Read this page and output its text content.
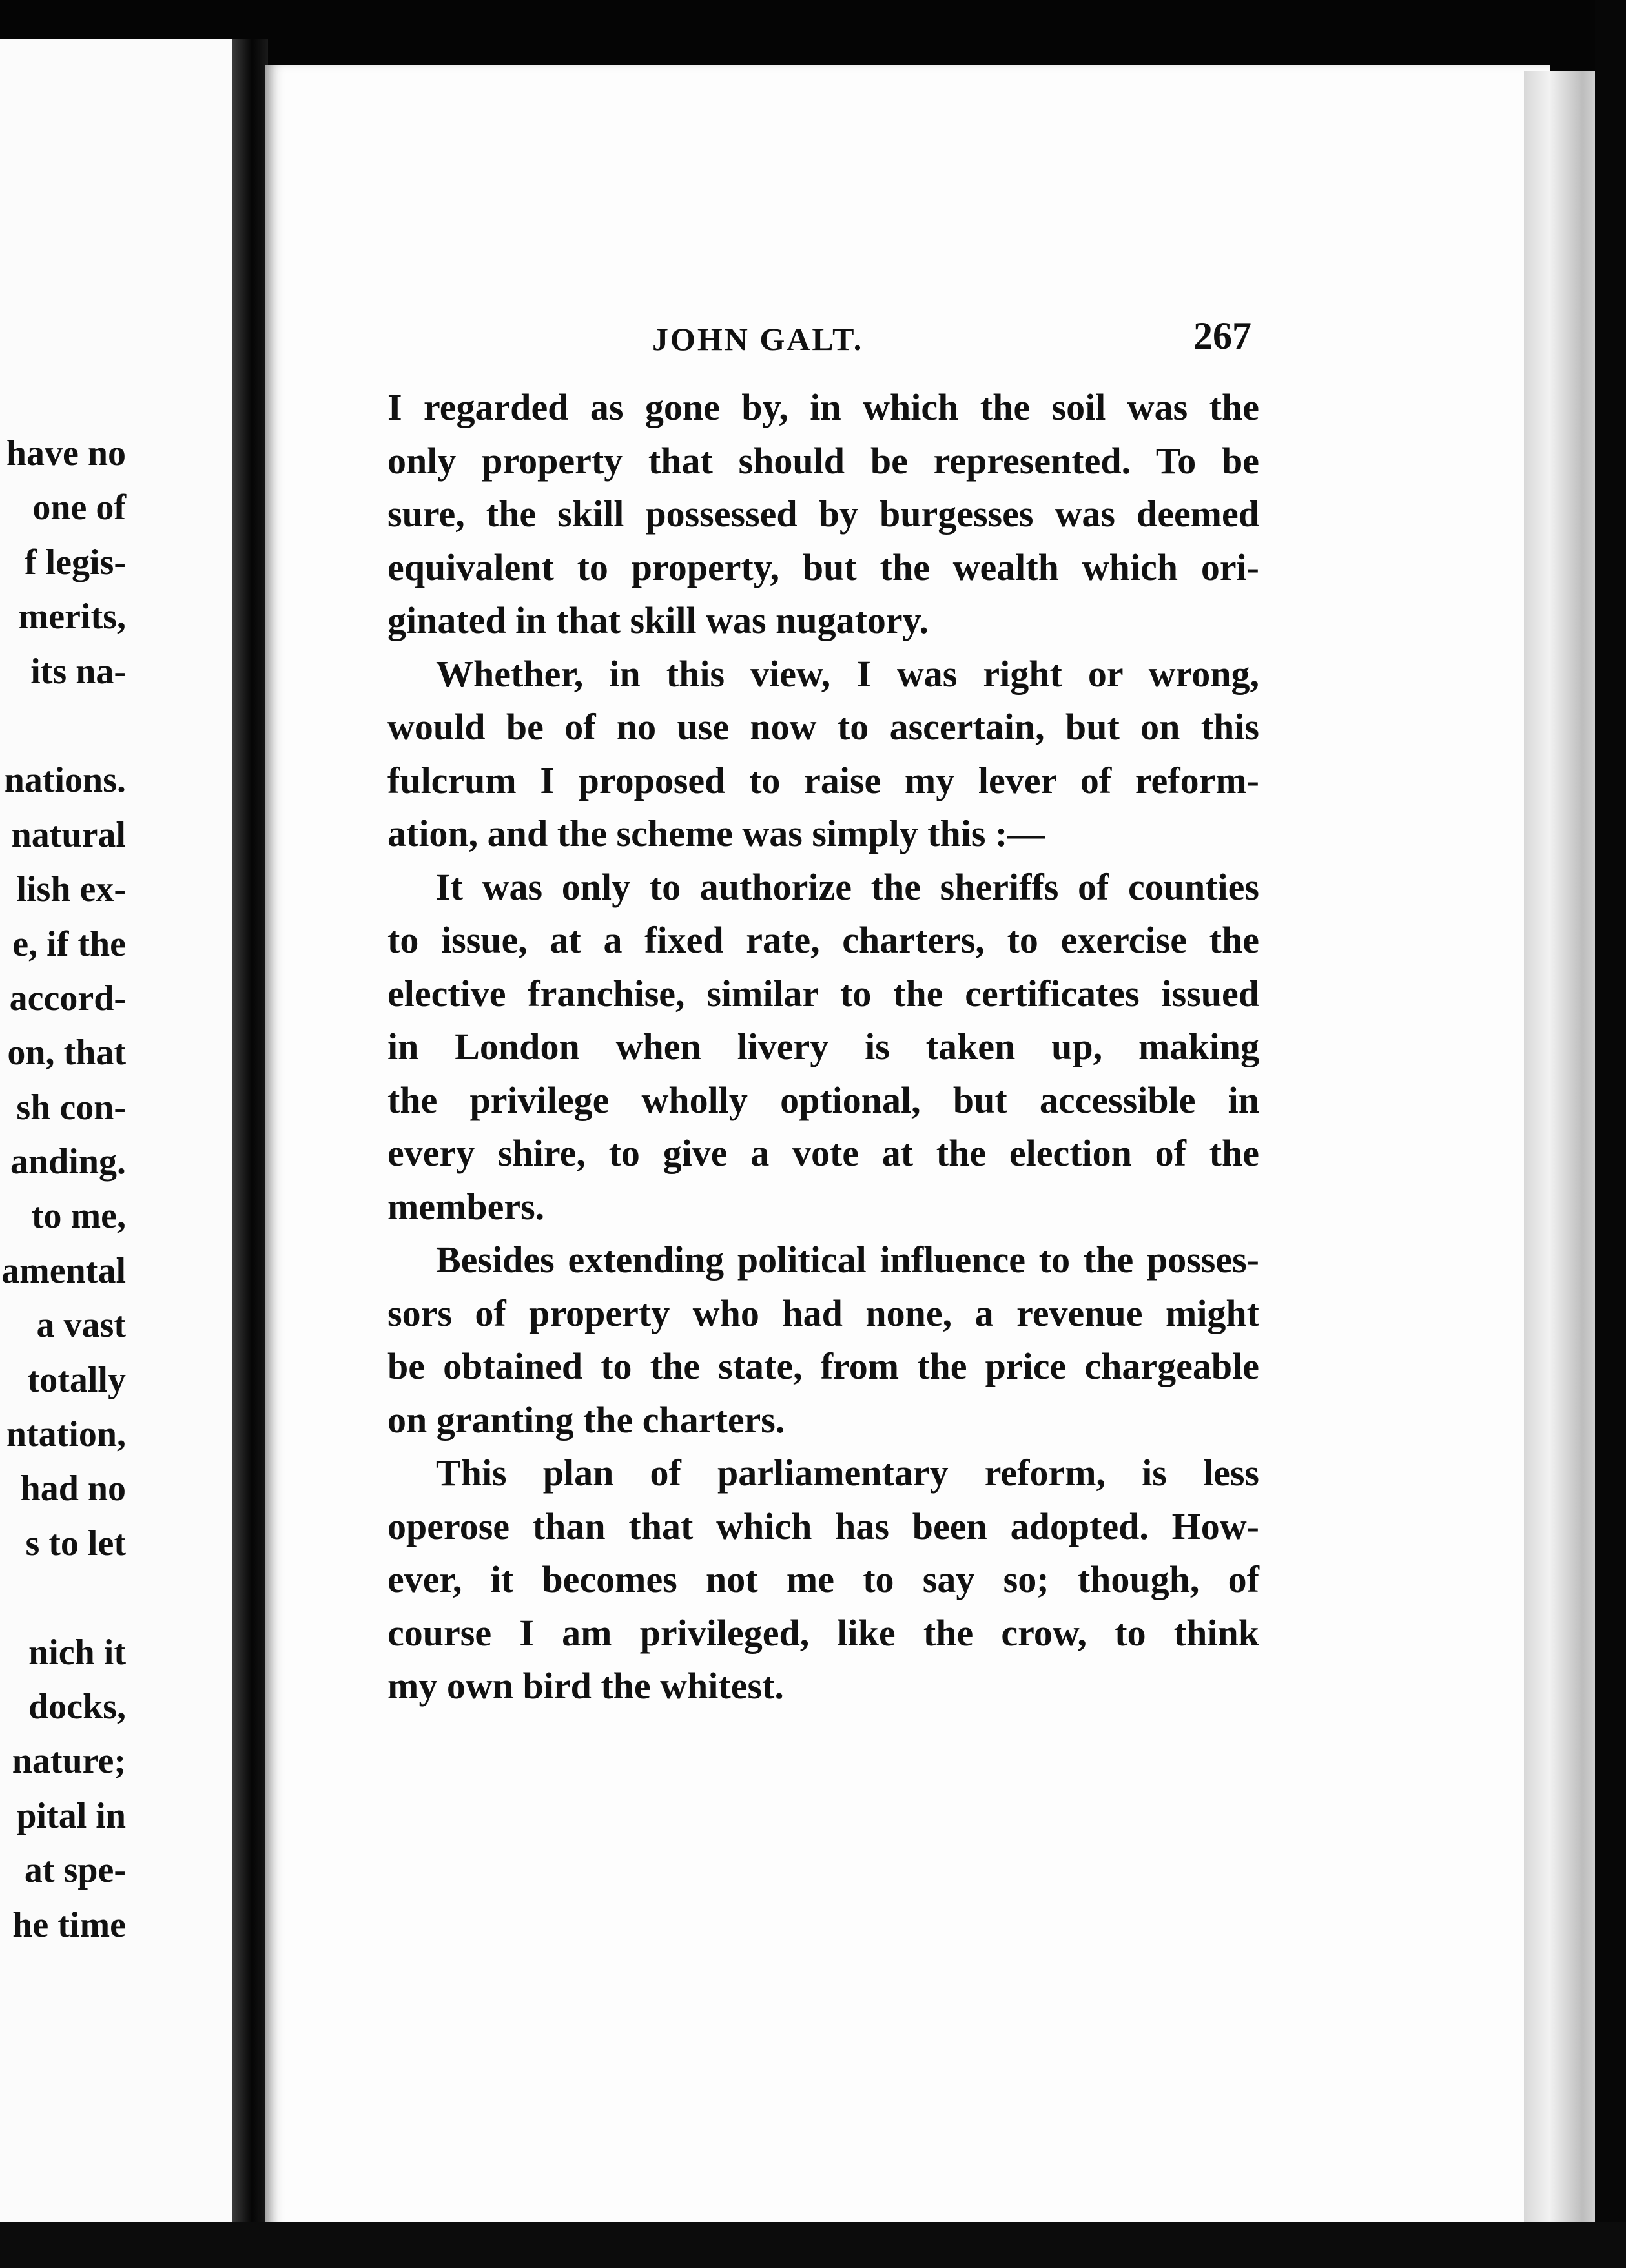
have no
one of
f legis-
merits,
its na-
nations.
natural
lish ex-
e, if the
accord-
on, that
sh con-
anding.
to me,
amental
a vast
totally
ntation,
had no
s to let
nich it
docks,
nature;
pital in
at spe-
he time
JOHN GALT.	267
I regarded as gone by, in which the soil was the
only property that should be represented. To be
sure, the skill possessed by burgesses was deemed
equivalent to property, but the wealth which ori-
ginated in that skill was nugatory.
Whether, in this view, I was right or wrong,
would be of no use now to ascertain, but on this
fulcrum I proposed to raise my lever of reform-
ation, and the scheme was simply this :—
It was only to authorize the sheriffs of counties
to issue, at a fixed rate, charters, to exercise the
elective franchise, similar to the certificates issued
in London when livery is taken up, making
the privilege wholly optional, but accessible in
every shire, to give a vote at the election of the
members.
Besides extending political influence to the posses-
sors of property who had none, a revenue might
be obtained to the state, from the price chargeable
on granting the charters.
This plan of parliamentary reform, is less
operose than that which has been adopted. How-
ever, it becomes not me to say so; though, of
course I am privileged, like the crow, to think
my own bird the whitest.
